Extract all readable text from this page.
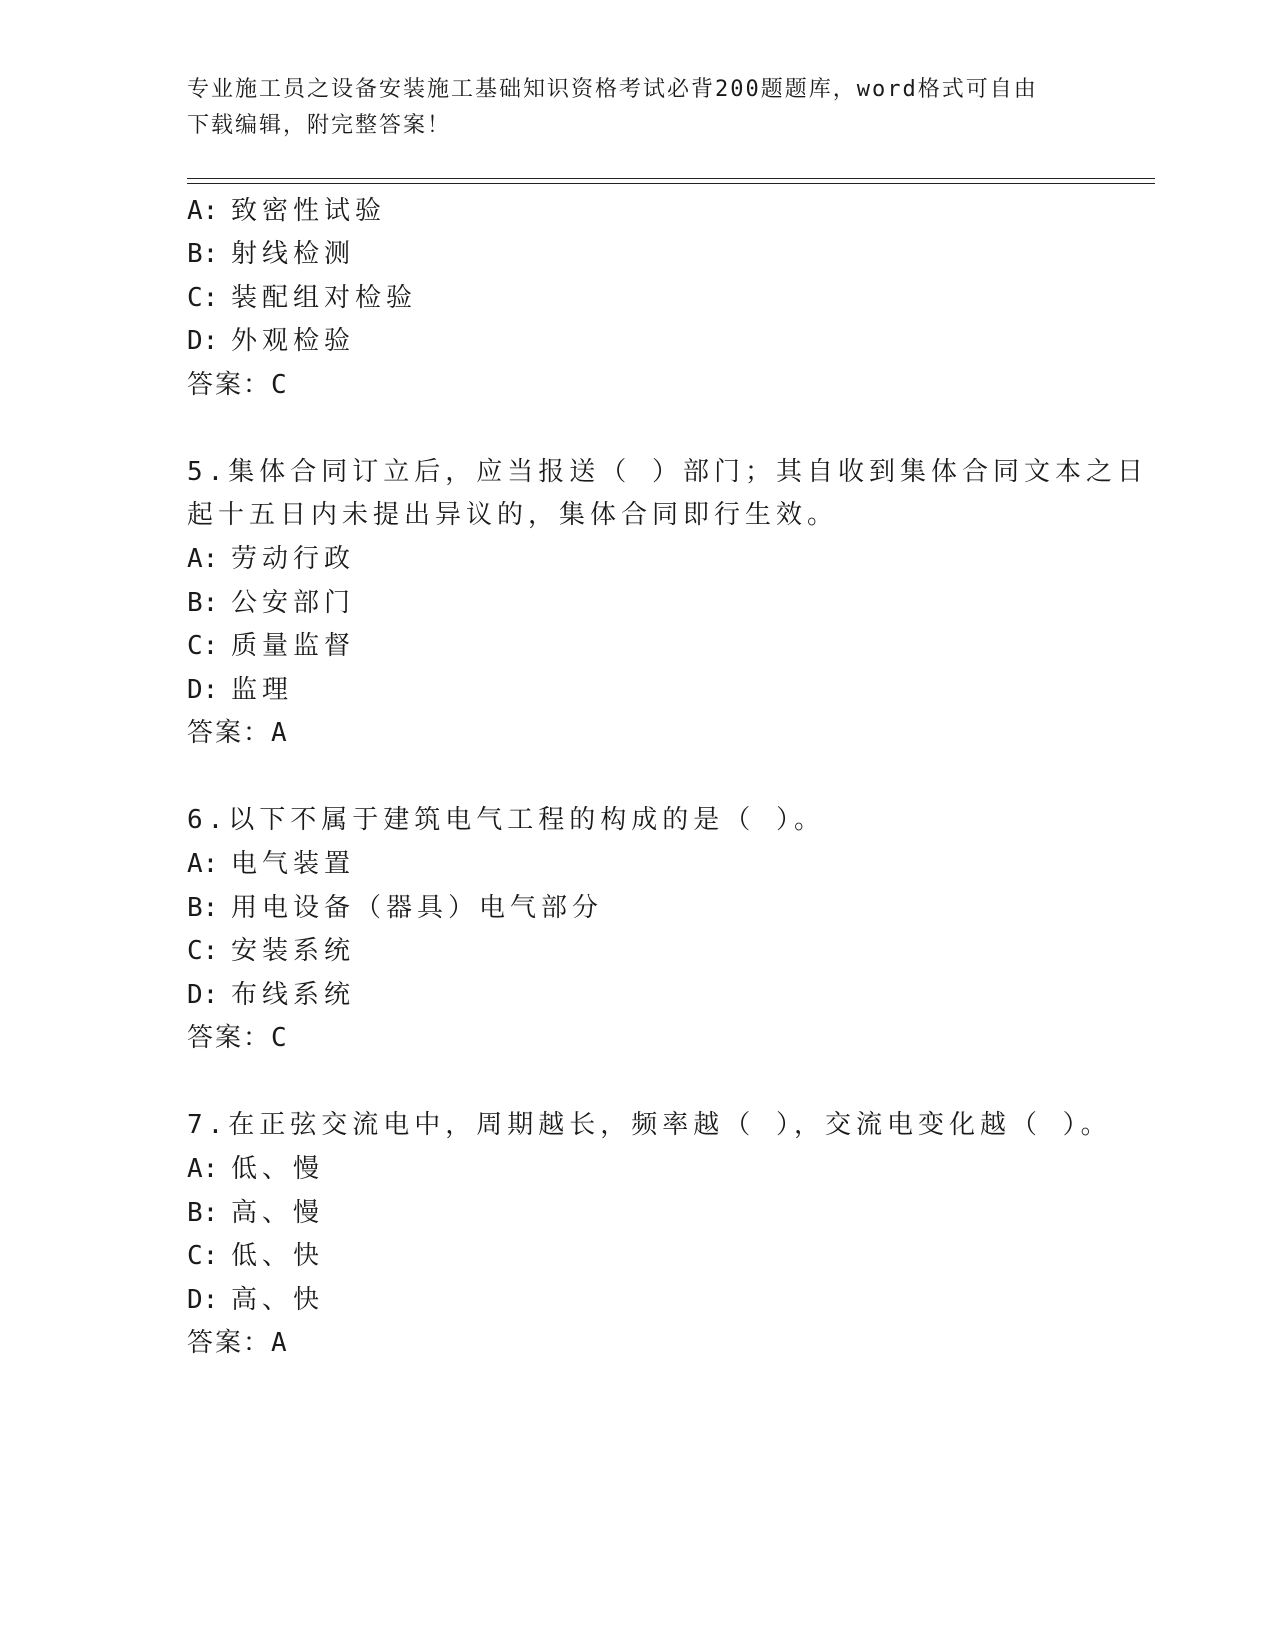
专业施工员之设备安装施工基础知识资格考试必背200题题库，word格式可自由
下载编辑，附完整答案！
A: 致密性试验
B: 射线检测
C: 装配组对检验
D: 外观检验
答案：C
5.集体合同订立后，应当报送（ ）部门；其自收到集体合同文本之日
起十五日内未提出异议的，集体合同即行生效。
A: 劳动行政
B: 公安部门
C: 质量监督
D: 监理
答案：A
6.以下不属于建筑电气工程的构成的是（ ）。
A: 电气装置
B: 用电设备（器具）电气部分
C: 安装系统
D: 布线系统
答案：C
7.在正弦交流电中，周期越长，频率越（ ），交流电变化越（ ）。
A: 低、慢
B: 高、慢
C: 低、快
D: 高、快
答案：A
